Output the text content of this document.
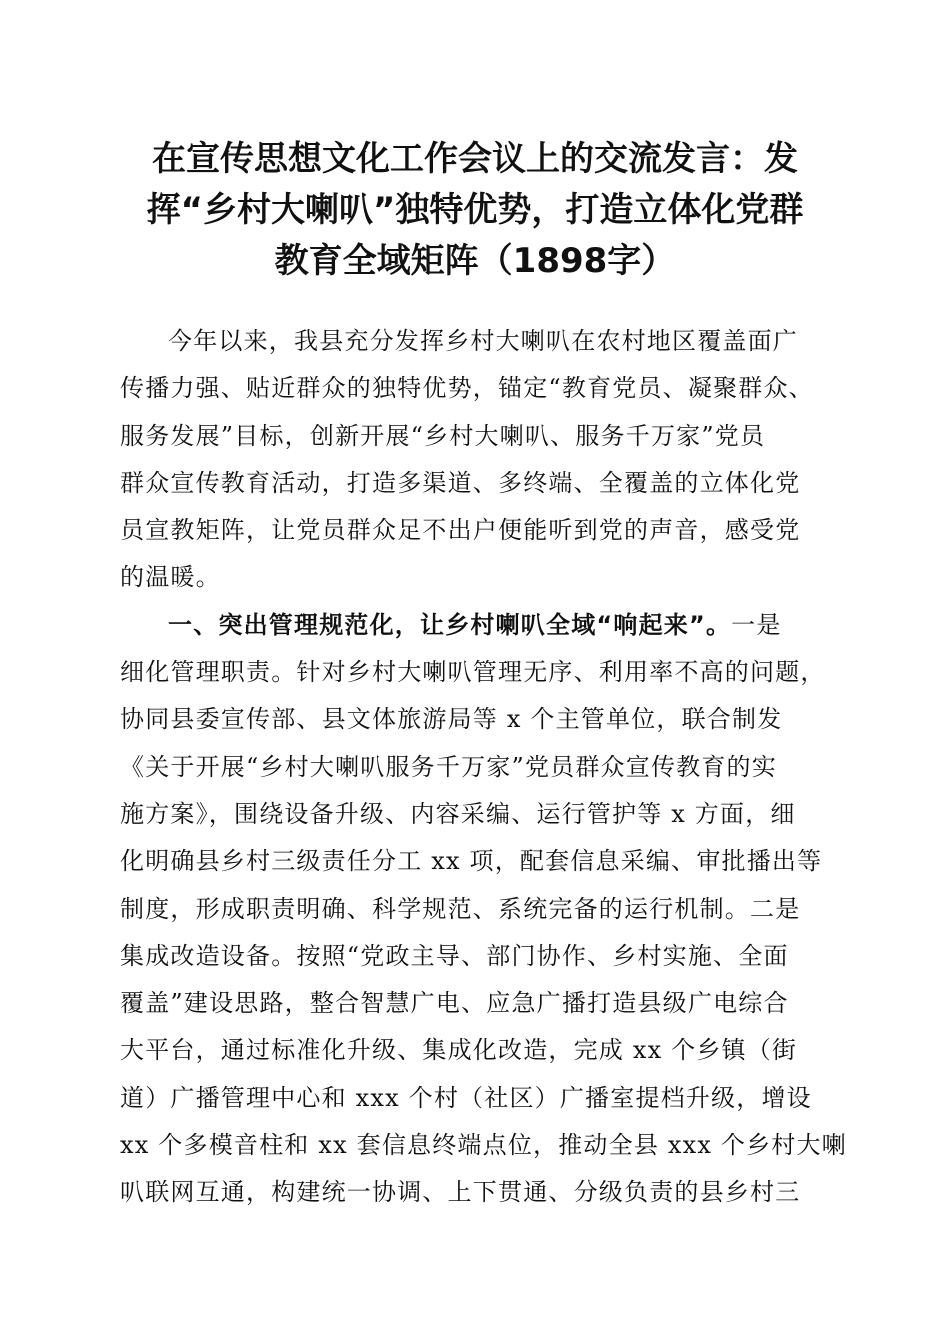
在宣传思想文化工作会议上的交流发言：发
挥“乡村大喇叭”独特优势，打造立体化党群
教育全域矩阵（1898字）
今年以来，我县充分发挥乡村大喇叭在农村地区覆盖面广
传播力强、贴近群众的独特优势，锚定“教育党员、凝聚群众、
服务发展”目标，创新开展“乡村大喇叭、服务千万家”党员
群众宣传教育活动，打造多渠道、多终端、全覆盖的立体化党
员宣教矩阵，让党员群众足不出户便能听到党的声音，感受党
的温暖。
一、突出管理规范化，让乡村喇叭全域“响起来”。一是
细化管理职责。针对乡村大喇叭管理无序、利用率不高的问题，
协同县委宣传部、县文体旅游局等 x 个主管单位，联合制发
《关于开展“乡村大喇叭服务千万家”党员群众宣传教育的实
施方案》，围绕设备升级、内容采编、运行管护等 x 方面，细
化明确县乡村三级责任分工 xx 项，配套信息采编、审批播出等
制度，形成职责明确、科学规范、系统完备的运行机制。二是
集成改造设备。按照“党政主导、部门协作、乡村实施、全面
覆盖”建设思路，整合智慧广电、应急广播打造县级广电综合
大平台，通过标准化升级、集成化改造，完成 xx 个乡镇（街
道）广播管理中心和 xxx 个村（社区）广播室提档升级，增设
xx 个多模音柱和 xx 套信息终端点位，推动全县 xxx 个乡村大喇
叭联网互通，构建统一协调、上下贯通、分级负责的县乡村三
